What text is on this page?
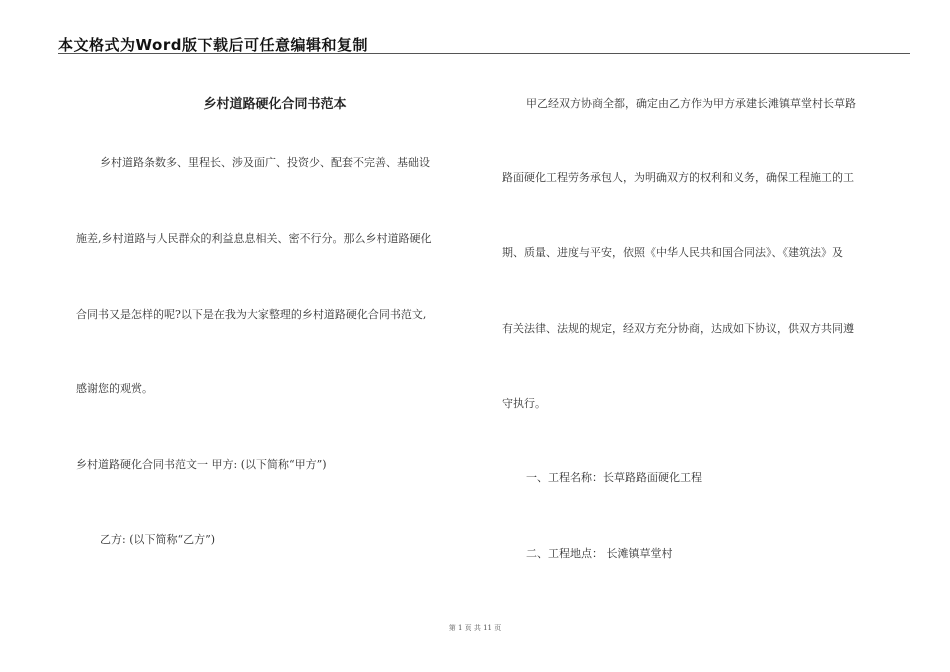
本文格式为Word版下载后可任意编辑和复制
乡村道路硬化合同书范本
乡村道路条数多、里程长、涉及面广、投资少、配套不完善、基础设
施差,乡村道路与人民群众的利益息息相关、密不行分。那么乡村道路硬化
合同书又是怎样的呢?以下是在我为大家整理的乡村道路硬化合同书范文,
感谢您的观赏。
乡村道路硬化合同书范文一 甲方: (以下简称“甲方”)
乙方: (以下简称“乙方”)
甲乙经双方协商全都，确定由乙方作为甲方承建长滩镇草堂村长草路
路面硬化工程劳务承包人，为明确双方的权利和义务，确保工程施工的工
期、质量、进度与平安，依照《中华人民共和国合同法》、《建筑法》及
有关法律、法规的规定，经双方充分协商，达成如下协议，供双方共同遵
守执行。
一、工程名称：长草路路面硬化工程
二、工程地点： 长滩镇草堂村
第 1 页 共 11 页
